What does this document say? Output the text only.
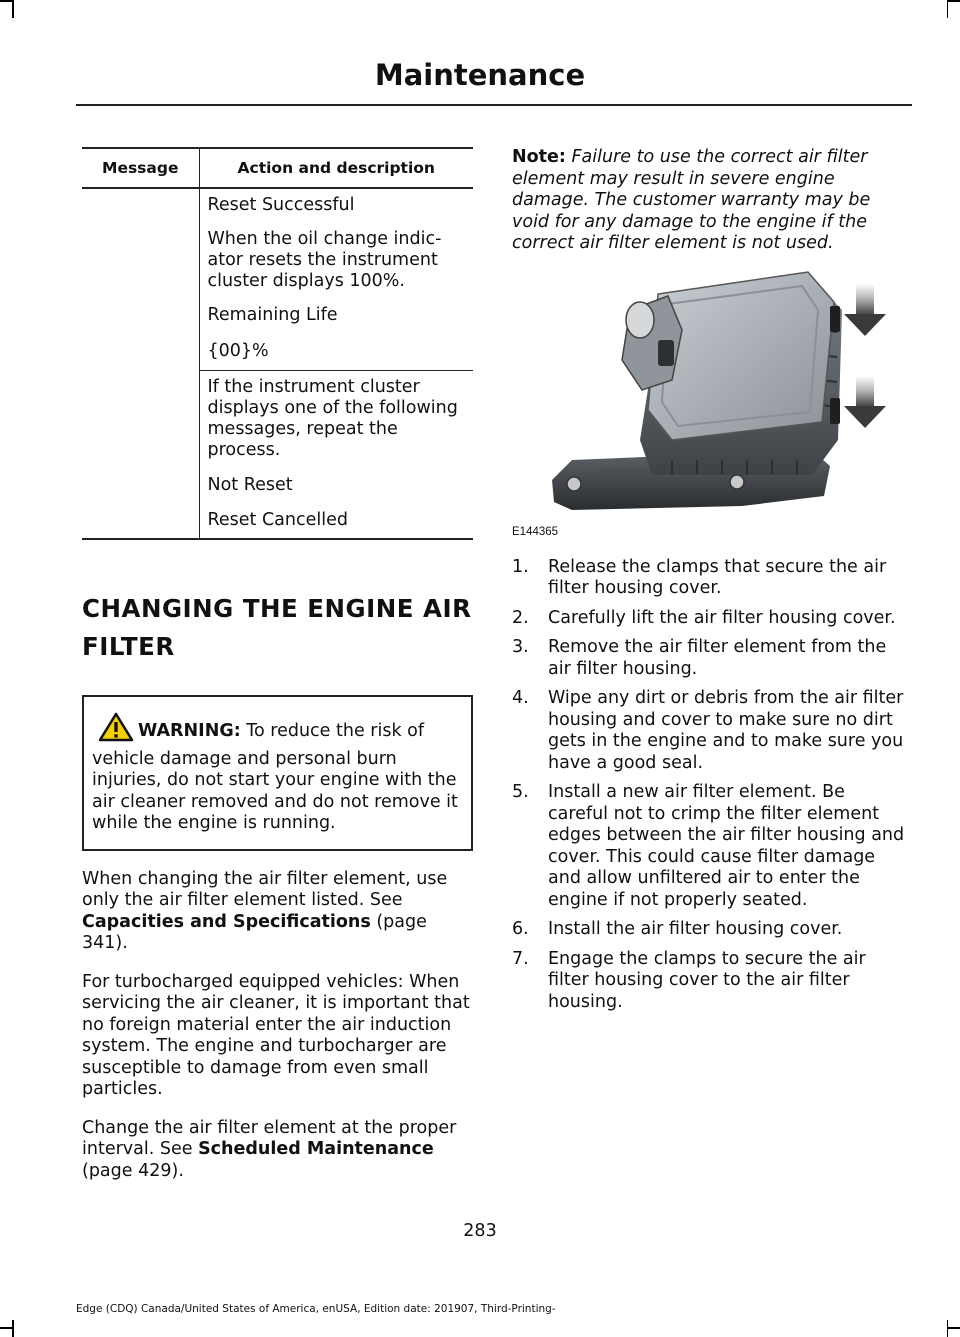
Maintenance
Message	Action and description

	Reset Successful

When the oil change indic-ator resets the instrument cluster displays 100%.

Remaining Life

{00}%

	If the instrument cluster displays one of the following messages, repeat the process.

Not Reset

Reset Cancelled

CHANGING THE ENGINE AIR
FILTER
WARNING: To reduce the risk of vehicle damage and personal burn injuries, do not start your engine with the air cleaner removed and do not remove it while the engine is running.

When changing the air filter element, use only the air filter element listed. See Capacities and Specifications (page 341).

For turbocharged equipped vehicles: When servicing the air cleaner, it is important that no foreign material enter the air induction system. The engine and turbocharger are susceptible to damage from even small particles.

Change the air filter element at the proper interval. See Scheduled Maintenance (page 429).

Note: Failure to use the correct air filter element may result in severe engine damage. The customer warranty may be void for any damage to the engine if the correct air filter element is not used.

E144365
1.	Release the clamps that secure the air filter housing cover.
2.	Carefully lift the air filter housing cover.
3.	Remove the air filter element from the air filter housing.
4.	Wipe any dirt or debris from the air filter housing and cover to make sure no dirt gets in the engine and to make sure you have a good seal.
5.	Install a new air filter element. Be careful not to crimp the filter element edges between the air filter housing and cover. This could cause filter damage and allow unfiltered air to enter the engine if not properly seated.
6.	Install the air filter housing cover.
7.	Engage the clamps to secure the air filter housing cover to the air filter housing.
283
Edge (CDQ) Canada/United States of America, enUSA, Edition date: 201907, Third-Printing-
